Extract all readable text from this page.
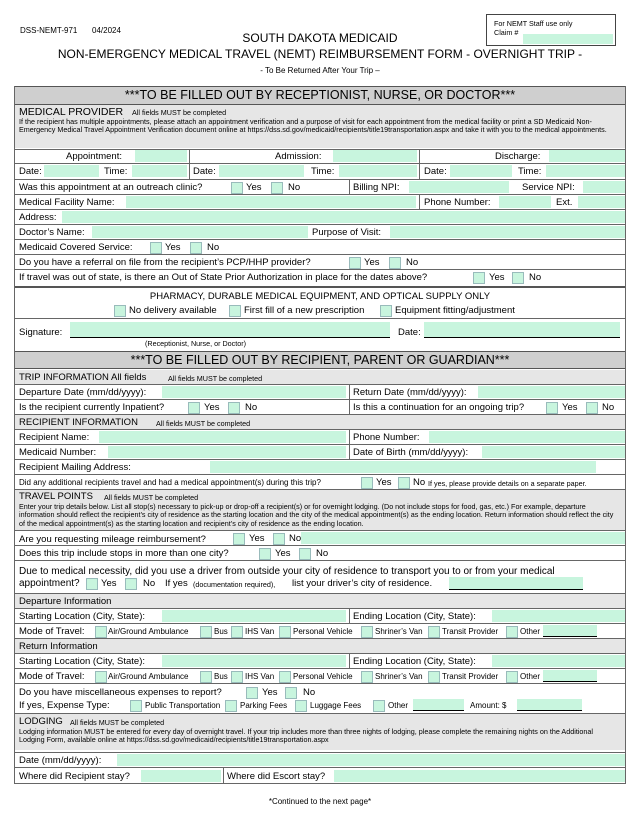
DSS-NEMT-971 04/2024
For NEMT Staff use only
Claim #
SOUTH DAKOTA MEDICAID
NON-EMERGENCY MEDICAL TRAVEL (NEMT) REIMBURSEMENT FORM - OVERNIGHT TRIP -
- To Be Returned After Your Trip –
***TO BE FILLED OUT BY RECEPTIONIST, NURSE, OR DOCTOR***
MEDICAL PROVIDER All fields MUST be completed
If the recipient has multiple appointments, please attach an appointment verification and a purpose of visit for each appointment from the medical facility or print a SD Medicaid Non-Emergency Medical Travel Appointment Verification document online at https://dss.sd.gov/medicaid/recipients/title19transportation.aspx and take it with you to the medical appointments.
Appointment:	Admission:	Discharge:
Date:	Time:	Date:	Time:	Date:	Time:
Was this appointment at an outreach clinic?	Yes	No	Billing NPI:	Service NPI:
Medical Facility Name:	Phone Number:	Ext.
Address:
Doctor’s Name:	Purpose of Visit:
Medicaid Covered Service:	Yes	No
Do you have a referral on file from the recipient’s PCP/HHP provider?	Yes	No
If travel was out of state, is there an Out of State Prior Authorization in place for the dates above?	Yes	No
PHARMACY, DURABLE MEDICAL EQUIPMENT, AND OPTICAL SUPPLY ONLY
No delivery available	First fill of a new prescription	Equipment fitting/adjustment
Signature:
(Receptionist, Nurse, or Doctor)
Date:
***TO BE FILLED OUT BY RECIPIENT, PARENT OR GUARDIAN***
TRIP INFORMATION All fields	All fields MUST be completed
Departure Date (mm/dd/yyyy):	Return Date (mm/dd/yyyy):
Is the recipient currently Inpatient?	Yes	No	Is this a continuation for an ongoing trip?	Yes	No
RECIPIENT INFORMATION	All fields MUST be completed
Recipient Name:	Phone Number:
Medicaid Number:	Date of Birth (mm/dd/yyyy):
Recipient Mailing Address:
Did any additional recipients travel and had a medical appointment(s) during this trip?	Yes No If yes, please provide details on a separate paper.
TRAVEL POINTS All fields MUST be completed
Enter your trip details below. List all stop(s) necessary to pick-up or drop-off a recipient(s) or for overnight lodging. (Do not include stops for food, gas, etc.) For example, departure information should reflect the recipient’s city of residence as the starting location and the city of the medical appointment(s) as the ending location. Return information should reflect the city of the medical appointment(s) as the starting location and recipient’s city of residence as the ending location.
Are you requesting mileage reimbursement?	Yes	No
Does this trip include stops in more than one city?	Yes	No
Due to medical necessity, did you use a driver from outside your city of residence to transport you to or from your medical
appointment? Yes	No If yes (documentation required), list your driver’s city of residence.
Departure Information
Starting Location (City, State):	Ending Location (City, State):
Mode of Travel:	Air/Ground Ambulance	Bus IHS Van Personal Vehicle	Shriner’s Van Transit Provider	Other
Return Information
Starting Location (City, State):	Ending Location (City, State):
Mode of Travel:	Air/Ground Ambulance	Bus IHS Van Personal Vehicle	Shriner’s Van Transit Provider	Other
Do you have miscellaneous expenses to report?	Yes	No
If yes, Expense Type:	Public Transportation Parking Fees	Luggage Fees	Other	Amount: $
LODGING All fields MUST be completed
Lodging information MUST be entered for every day of overnight travel. If your trip includes more than three nights of lodging, please complete the remaining nights on the Additional Lodging Form, available online at https://dss.sd.gov/medicaid/recipients/title19transportation.aspx
Date (mm/dd/yyyy):
Where did Recipient stay?	Where did Escort stay?
*Continued to the next page*
